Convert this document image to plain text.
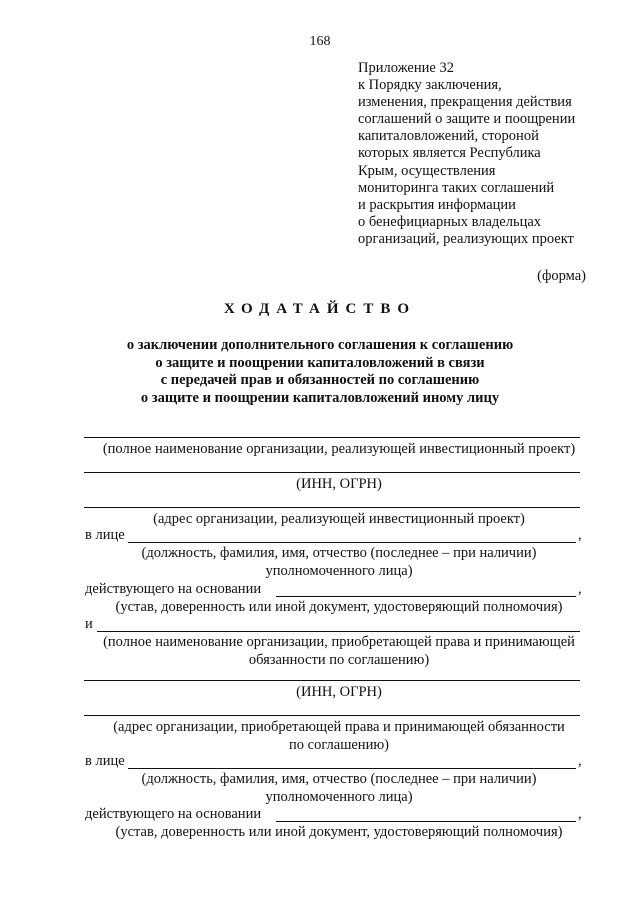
168
Приложение 32
к Порядку заключения,
изменения, прекращения действия
соглашений о защите и поощрении
капиталовложений, стороной
которых является Республика
Крым, осуществления
мониторинга таких соглашений
и раскрытия информации
о бенефициарных владельцах
организаций, реализующих проект
(форма)
ХОДАТАЙСТВО
о заключении дополнительного соглашения к соглашению
о защите и поощрении капиталовложений в связи
с передачей прав и обязанностей по соглашению
о защите и поощрении капиталовложений иному лицу
(полное наименование организации, реализующей инвестиционный проект)
(ИНН, ОГРН)
(адрес организации, реализующей инвестиционный проект)
в лице	,
(должность, фамилия, имя, отчество (последнее – при наличии)
уполномоченного лица)
действующего на основании	,
(устав, доверенность или иной документ, удостоверяющий полномочия)
и
(полное наименование организации, приобретающей права и принимающей
обязанности по соглашению)
(ИНН, ОГРН)
(адрес организации, приобретающей права и принимающей обязанности
по соглашению)
в лице	,
(должность, фамилия, имя, отчество (последнее – при наличии)
уполномоченного лица)
действующего на основании	,
(устав, доверенность или иной документ, удостоверяющий полномочия)
